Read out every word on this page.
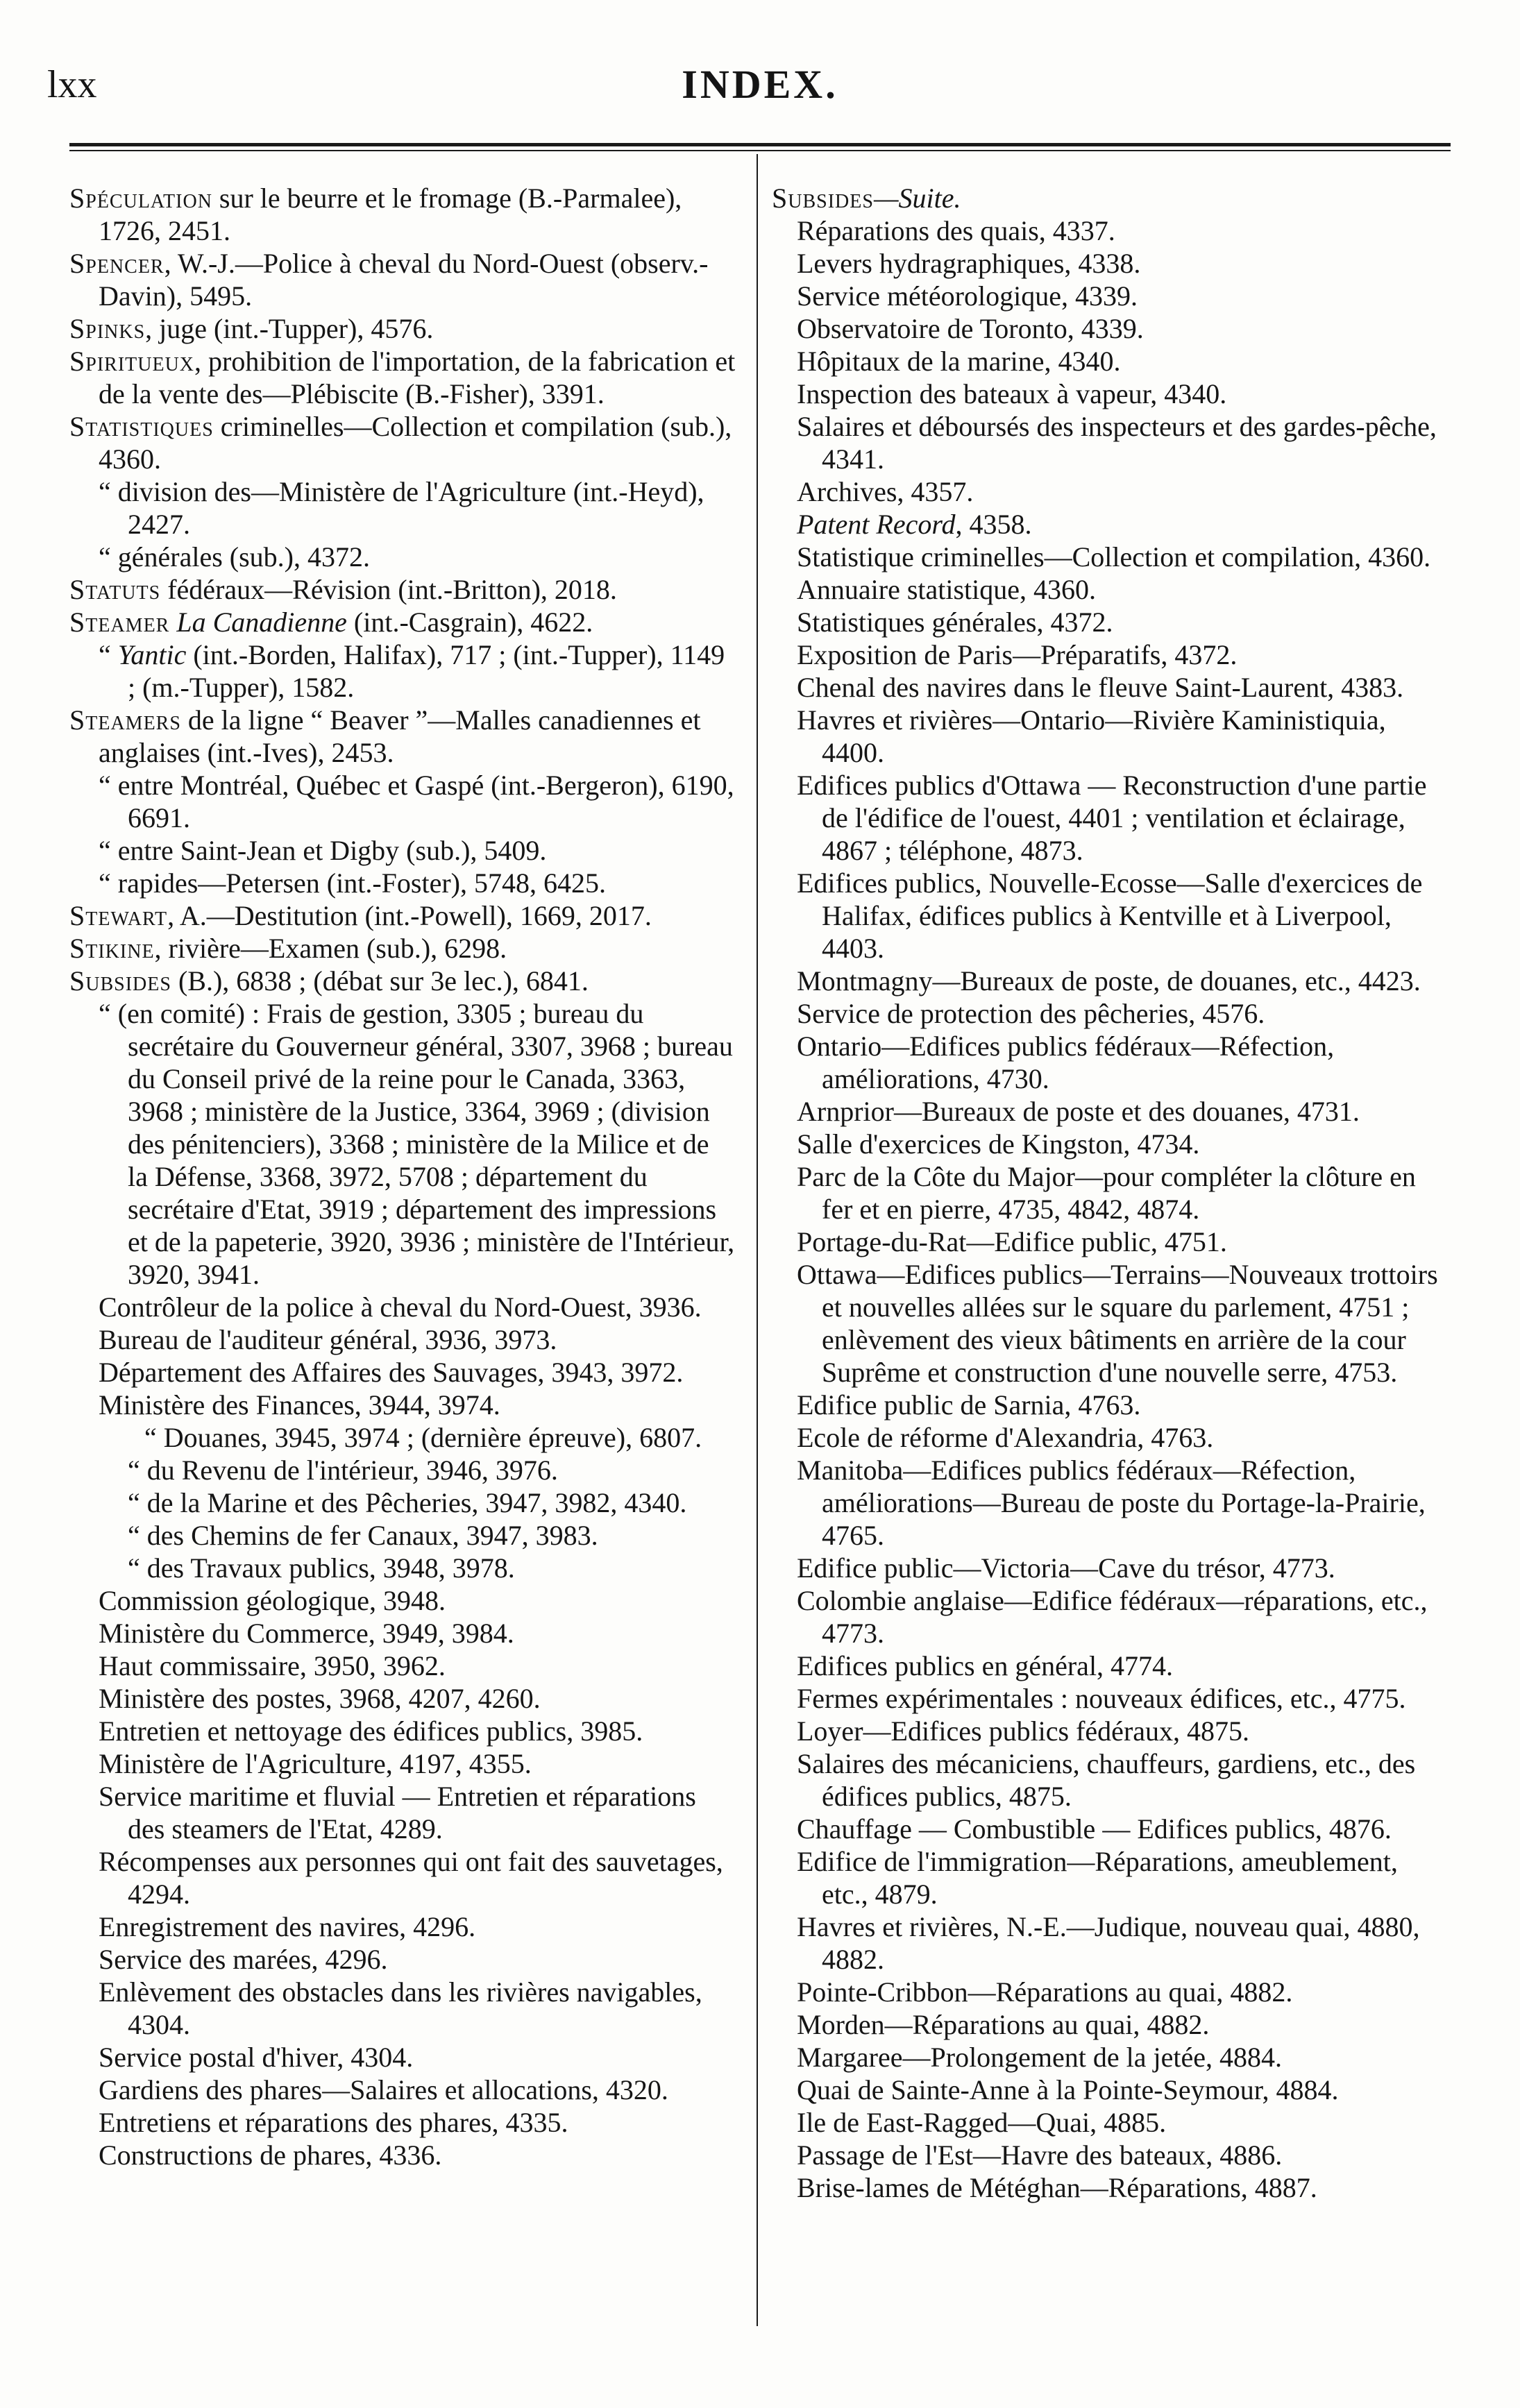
lxx	INDEX.

Spéculation sur le beurre et le fromage (B.-Parmalee), 1726, 2451.

Spencer, W.-J.—Police à cheval du Nord-Ouest (observ.-Davin), 5495.

Spinks, juge (int.-Tupper), 4576.

Spiritueux, prohibition de l'importation, de la fabrication et de la vente des—Plébiscite (B.-Fisher), 3391.

Statistiques criminelles—Collection et compilation (sub.), 4360.

“ division des—Ministère de l'Agriculture (int.-Heyd), 2427.

“ générales (sub.), 4372.

Statuts fédéraux—Révision (int.-Britton), 2018.

Steamer La Canadienne (int.-Casgrain), 4622.

“ Yantic (int.-Borden, Halifax), 717 ; (int.-Tupper), 1149 ; (m.-Tupper), 1582.

Steamers de la ligne “ Beaver ”—Malles canadiennes et anglaises (int.-Ives), 2453.

“ entre Montréal, Québec et Gaspé (int.-Bergeron), 6190, 6691.

“ entre Saint-Jean et Digby (sub.), 5409.

“ rapides—Petersen (int.-Foster), 5748, 6425.

Stewart, A.—Destitution (int.-Powell), 1669, 2017.

Stikine, rivière—Examen (sub.), 6298.

Subsides (B.), 6838 ; (débat sur 3e lec.), 6841.

“ (en comité) : Frais de gestion, 3305 ; bureau du secrétaire du Gouverneur général, 3307, 3968 ; bureau du Conseil privé de la reine pour le Canada, 3363, 3968 ; ministère de la Justice, 3364, 3969 ; (division des pénitenciers), 3368 ; ministère de la Milice et de la Défense, 3368, 3972, 5708 ; département du secrétaire d'Etat, 3919 ; département des impressions et de la papeterie, 3920, 3936 ; ministère de l'Intérieur, 3920, 3941.

Contrôleur de la police à cheval du Nord-Ouest, 3936.

Bureau de l'auditeur général, 3936, 3973.

Département des Affaires des Sauvages, 3943, 3972.

Ministère des Finances, 3944, 3974.

“ Douanes, 3945, 3974 ; (dernière épreuve), 6807.

“ du Revenu de l'intérieur, 3946, 3976.

“ de la Marine et des Pêcheries, 3947, 3982, 4340.

“ des Chemins de fer Canaux, 3947, 3983.

“ des Travaux publics, 3948, 3978.

Commission géologique, 3948.

Ministère du Commerce, 3949, 3984.

Haut commissaire, 3950, 3962.

Ministère des postes, 3968, 4207, 4260.

Entretien et nettoyage des édifices publics, 3985.

Ministère de l'Agriculture, 4197, 4355.

Service maritime et fluvial — Entretien et réparations des steamers de l'Etat, 4289.

Récompenses aux personnes qui ont fait des sauvetages, 4294.

Enregistrement des navires, 4296.

Service des marées, 4296.

Enlèvement des obstacles dans les rivières navigables, 4304.

Service postal d'hiver, 4304.

Gardiens des phares—Salaires et allocations, 4320.

Entretiens et réparations des phares, 4335.

Constructions de phares, 4336.

Subsides—Suite.

Réparations des quais, 4337.

Levers hydragraphiques, 4338.

Service météorologique, 4339.

Observatoire de Toronto, 4339.

Hôpitaux de la marine, 4340.

Inspection des bateaux à vapeur, 4340.

Salaires et déboursés des inspecteurs et des gardes-pêche, 4341.

Archives, 4357.

Patent Record, 4358.

Statistique criminelles—Collection et compilation, 4360.

Annuaire statistique, 4360.

Statistiques générales, 4372.

Exposition de Paris—Préparatifs, 4372.

Chenal des navires dans le fleuve Saint-Laurent, 4383.

Havres et rivières—Ontario—Rivière Kaministiquia, 4400.

Edifices publics d'Ottawa — Reconstruction d'une partie de l'édifice de l'ouest, 4401 ; ventilation et éclairage, 4867 ; téléphone, 4873.

Edifices publics, Nouvelle-Ecosse—Salle d'exercices de Halifax, édifices publics à Kentville et à Liverpool, 4403.

Montmagny—Bureaux de poste, de douanes, etc., 4423.

Service de protection des pêcheries, 4576.

Ontario—Edifices publics fédéraux—Réfection, améliorations, 4730.

Arnprior—Bureaux de poste et des douanes, 4731.

Salle d'exercices de Kingston, 4734.

Parc de la Côte du Major—pour compléter la clôture en fer et en pierre, 4735, 4842, 4874.

Portage-du-Rat—Edifice public, 4751.

Ottawa—Edifices publics—Terrains—Nouveaux trottoirs et nouvelles allées sur le square du parlement, 4751 ; enlèvement des vieux bâtiments en arrière de la cour Suprême et construction d'une nouvelle serre, 4753.

Edifice public de Sarnia, 4763.

Ecole de réforme d'Alexandria, 4763.

Manitoba—Edifices publics fédéraux—Réfection, améliorations—Bureau de poste du Portage-la-Prairie, 4765.

Edifice public—Victoria—Cave du trésor, 4773.

Colombie anglaise—Edifice fédéraux—réparations, etc., 4773.

Edifices publics en général, 4774.

Fermes expérimentales : nouveaux édifices, etc., 4775.

Loyer—Edifices publics fédéraux, 4875.

Salaires des mécaniciens, chauffeurs, gardiens, etc., des édifices publics, 4875.

Chauffage — Combustible — Edifices publics, 4876.

Edifice de l'immigration—Réparations, ameublement, etc., 4879.

Havres et rivières, N.-E.—Judique, nouveau quai, 4880, 4882.

Pointe-Cribbon—Réparations au quai, 4882.

Morden—Réparations au quai, 4882.

Margaree—Prolongement de la jetée, 4884.

Quai de Sainte-Anne à la Pointe-Seymour, 4884.

Ile de East-Ragged—Quai, 4885.

Passage de l'Est—Havre des bateaux, 4886.

Brise-lames de Météghan—Réparations, 4887.
